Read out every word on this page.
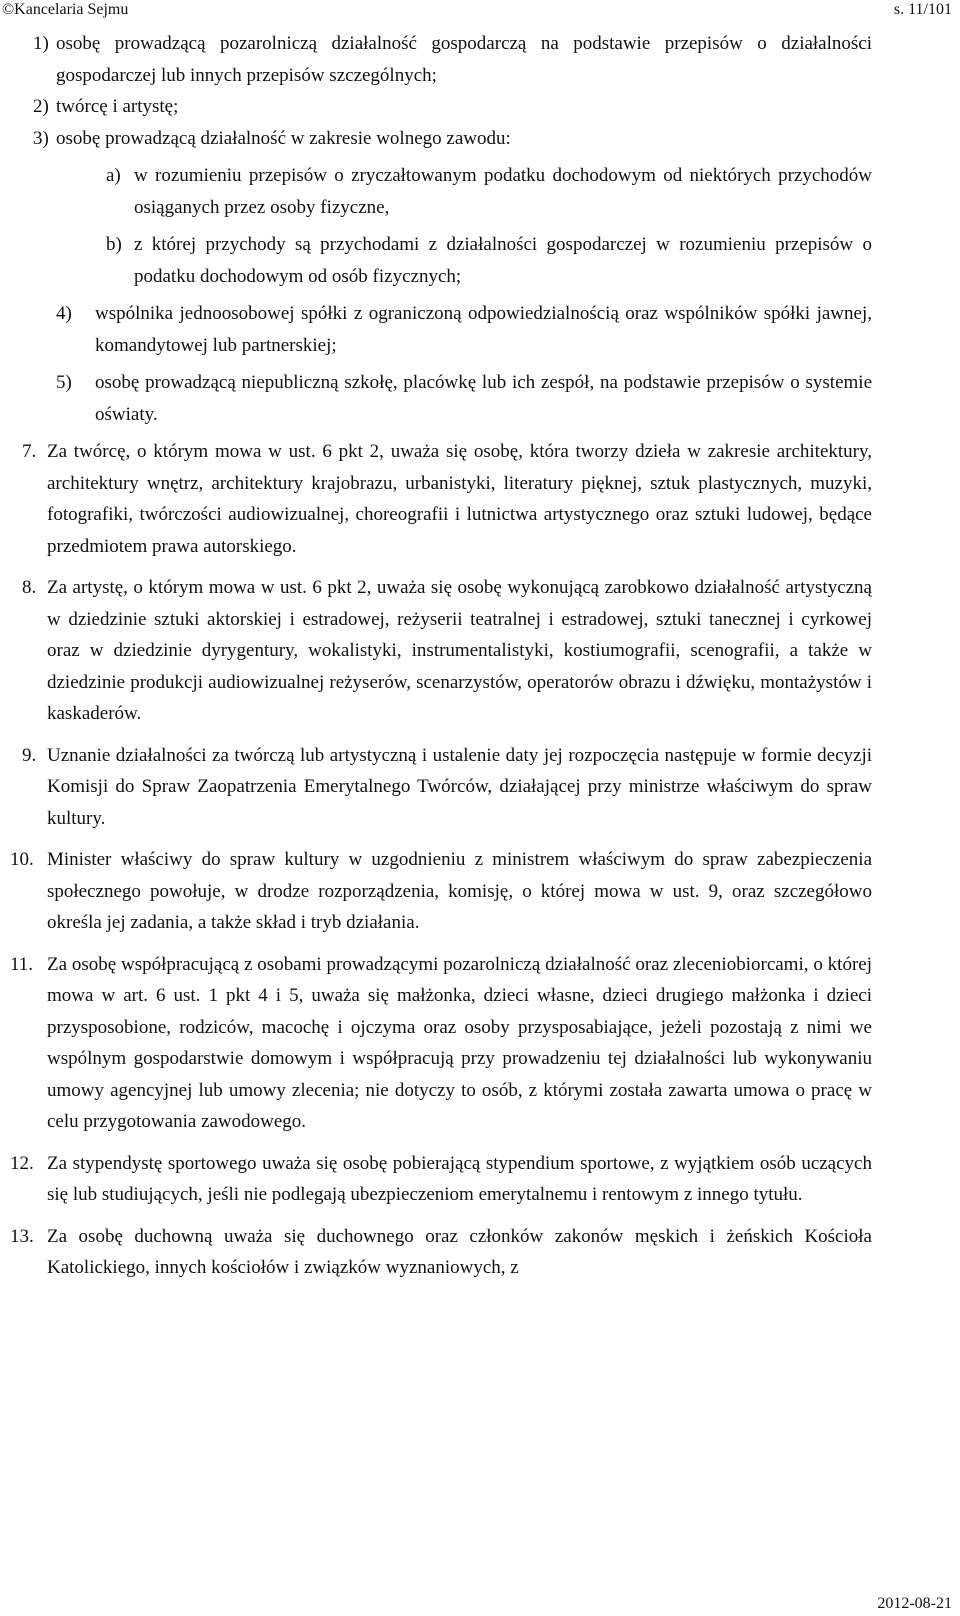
©Kancelaria Sejmu	s. 11/101
1) osobę prowadzącą pozarolniczą działalność gospodarczą na podstawie przepisów o działalności gospodarczej lub innych przepisów szczególnych;
2) twórcę i artystę;
3) osobę prowadzącą działalność w zakresie wolnego zawodu:
a) w rozumieniu przepisów o zryczałtowanym podatku dochodowym od niektórych przychodów osiąganych przez osoby fizyczne,
b) z której przychody są przychodami z działalności gospodarczej w rozumieniu przepisów o podatku dochodowym od osób fizycznych;
4) wspólnika jednoosobowej spółki z ograniczoną odpowiedzialnością oraz wspólników spółki jawnej, komandytowej lub partnerskiej;
5) osobę prowadzącą niepubliczną szkołę, placówkę lub ich zespół, na podstawie przepisów o systemie oświaty.
7. Za twórcę, o którym mowa w ust. 6 pkt 2, uważa się osobę, która tworzy dzieła w zakresie architektury, architektury wnętrz, architektury krajobrazu, urbanistyki, literatury pięknej, sztuk plastycznych, muzyki, fotografiki, twórczości audiowizualnej, choreografii i lutnictwa artystycznego oraz sztuki ludowej, będące przedmiotem prawa autorskiego.
8. Za artystę, o którym mowa w ust. 6 pkt 2, uważa się osobę wykonującą zarobkowo działalność artystyczną w dziedzinie sztuki aktorskiej i estradowej, reżyserii teatralnej i estradowej, sztuki tanecznej i cyrkowej oraz w dziedzinie dyrygentury, wokalistyki, instrumentalistyki, kostiumografii, scenografii, a także w dziedzinie produkcji audiowizualnej reżyserów, scenarzystów, operatorów obrazu i dźwięku, montażystów i kaskaderów.
9. Uznanie działalności za twórczą lub artystyczną i ustalenie daty jej rozpoczęcia następuje w formie decyzji Komisji do Spraw Zaopatrzenia Emerytalnego Twórców, działającej przy ministrze właściwym do spraw kultury.
10. Minister właściwy do spraw kultury w uzgodnieniu z ministrem właściwym do spraw zabezpieczenia społecznego powołuje, w drodze rozporządzenia, komisję, o której mowa w ust. 9, oraz szczegółowo określa jej zadania, a także skład i tryb działania.
11. Za osobę współpracującą z osobami prowadzącymi pozarolniczą działalność oraz zleceniobiorcami, o której mowa w art. 6 ust. 1 pkt 4 i 5, uważa się małżonka, dzieci własne, dzieci drugiego małżonka i dzieci przysposobione, rodziców, macochę i ojczyma oraz osoby przysposabiające, jeżeli pozostają z nimi we wspólnym gospodarstwie domowym i współpracują przy prowadzeniu tej działalności lub wykonywaniu umowy agencyjnej lub umowy zlecenia; nie dotyczy to osób, z którymi została zawarta umowa o pracę w celu przygotowania zawodowego.
12. Za stypendystę sportowego uważa się osobę pobierającą stypendium sportowe, z wyjątkiem osób uczących się lub studiujących, jeśli nie podlegają ubezpieczeniom emerytalnemu i rentowym z innego tytułu.
13. Za osobę duchowną uważa się duchownego oraz członków zakonów męskich i żeńskich Kościoła Katolickiego, innych kościołów i związków wyznaniowych, z
2012-08-21
